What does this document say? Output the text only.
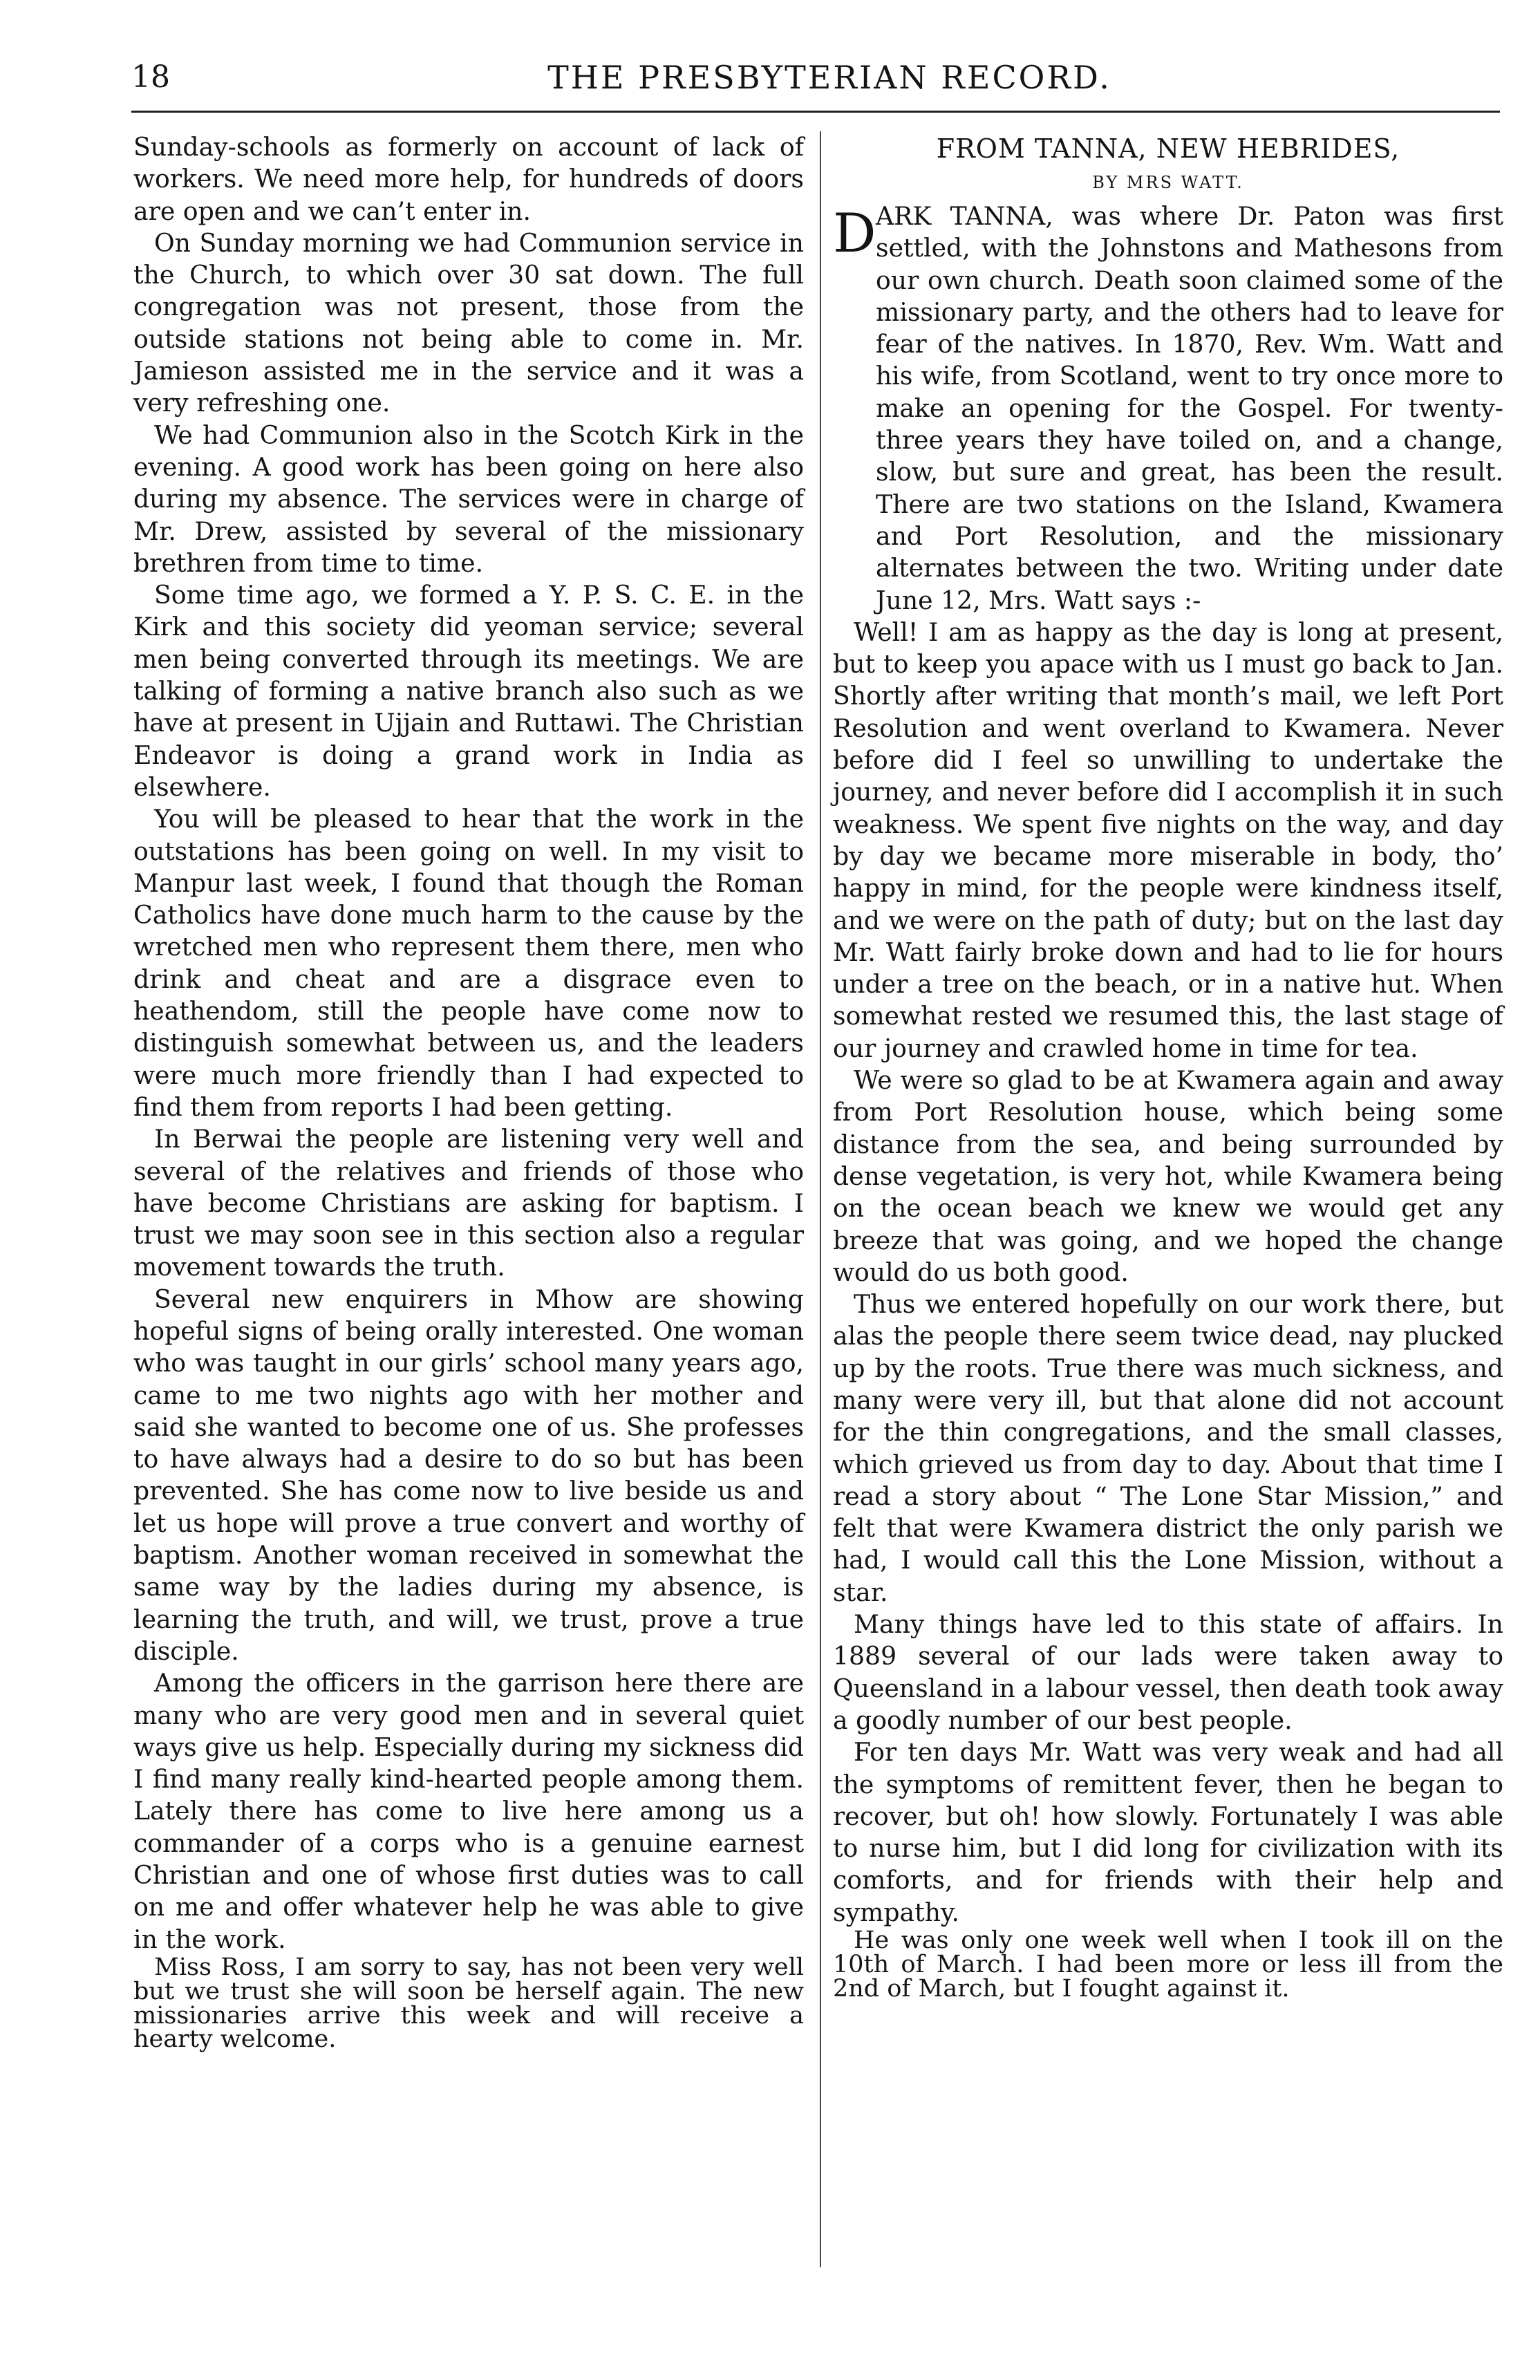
18	THE PRESBYTERIAN RECORD.

Sunday-schools as formerly on account of lack of workers. We need more help, for hundreds of doors are open and we can’t enter in.

On Sunday morning we had Communion service in the Church, to which over 30 sat down. The full congregation was not present, those from the outside stations not being able to come in. Mr. Jamieson assisted me in the service and it was a very refreshing one.

We had Communion also in the Scotch Kirk in the evening. A good work has been going on here also during my absence. The services were in charge of Mr. Drew, assisted by several of the missionary brethren from time to time.

Some time ago, we formed a Y. P. S. C. E. in the Kirk and this society did yeoman service; several men being converted through its meetings. We are talking of forming a native branch also such as we have at present in Ujjain and Ruttawi. The Christian Endeavor is doing a grand work in India as elsewhere.

You will be pleased to hear that the work in the outstations has been going on well. In my visit to Manpur last week, I found that though the Roman Catholics have done much harm to the cause by the wretched men who represent them there, men who drink and cheat and are a disgrace even to heathendom, still the people have come now to distinguish somewhat between us, and the leaders were much more friendly than I had expected to find them from reports I had been getting.

In Berwai the people are listening very well and several of the relatives and friends of those who have become Christians are asking for baptism. I trust we may soon see in this section also a regular movement towards the truth.

Several new enquirers in Mhow are showing hopeful signs of being orally interested. One woman who was taught in our girls’ school many years ago, came to me two nights ago with her mother and said she wanted to become one of us. She professes to have always had a desire to do so but has been prevented. She has come now to live beside us and let us hope will prove a true convert and worthy of baptism. Another woman received in somewhat the same way by the ladies during my absence, is learning the truth, and will, we trust, prove a true disciple.

Among the officers in the garrison here there are many who are very good men and in several quiet ways give us help. Especially during my sickness did I find many really kind-hearted people among them. Lately there has come to live here among us a commander of a corps who is a genuine earnest Christian and one of whose first duties was to call on me and offer whatever help he was able to give in the work.

Miss Ross, I am sorry to say, has not been very well but we trust she will soon be herself again. The new missionaries arrive this week and will receive a hearty welcome.

FROM TANNA, NEW HEBRIDES,
BY MRS WATT.

D ARK TANNA, was where Dr. Paton was first settled, with the Johnstons and Mathesons from our own church. Death soon claimed some of the missionary party, and the others had to leave for fear of the natives. In 1870, Rev. Wm. Watt and his wife, from Scotland, went to try once more to make an opening for the Gospel. For twenty-three years they have toiled on, and a change, slow, but sure and great, has been the result. There are two stations on the Island, Kwamera and Port Resolution, and the missionary alternates between the two. Writing under date June 12, Mrs. Watt says :-

Well! I am as happy as the day is long at present, but to keep you apace with us I must go back to Jan. Shortly after writing that month’s mail, we left Port Resolution and went overland to Kwamera. Never before did I feel so unwilling to undertake the journey, and never before did I accomplish it in such weakness. We spent five nights on the way, and day by day we became more miserable in body, tho’ happy in mind, for the people were kindness itself, and we were on the path of duty; but on the last day Mr. Watt fairly broke down and had to lie for hours under a tree on the beach, or in a native hut. When somewhat rested we resumed this, the last stage of our journey and crawled home in time for tea.

We were so glad to be at Kwamera again and away from Port Resolution house, which being some distance from the sea, and being surrounded by dense vegetation, is very hot, while Kwamera being on the ocean beach we knew we would get any breeze that was going, and we hoped the change would do us both good.

Thus we entered hopefully on our work there, but alas the people there seem twice dead, nay plucked up by the roots. True there was much sickness, and many were very ill, but that alone did not account for the thin congregations, and the small classes, which grieved us from day to day. About that time I read a story about “ The Lone Star Mission,” and felt that were Kwamera district the only parish we had, I would call this the Lone Mission, without a star.

Many things have led to this state of affairs. In 1889 several of our lads were taken away to Queensland in a labour vessel, then death took away a goodly number of our best people.

For ten days Mr. Watt was very weak and had all the symptoms of remittent fever, then he began to recover, but oh! how slowly. Fortunately I was able to nurse him, but I did long for civilization with its comforts, and for friends with their help and sympathy.

He was only one week well when I took ill on the 10th of March. I had been more or less ill from the 2nd of March, but I fought against it.
